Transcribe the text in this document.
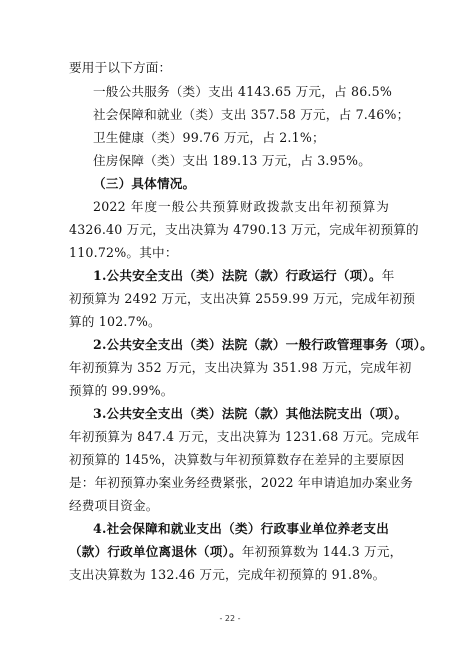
要用于以下方面：
一般公共服务（类）支出 4143.65 万元，占 86.5%
社会保障和就业（类）支出 357.58 万元，占 7.46%；
卫生健康（类）99.76 万元，占 2.1%；
住房保障（类）支出 189.13 万元，占 3.95%。
（三）具体情况。
2022 年度一般公共预算财政拨款支出年初预算为
4326.40 万元，支出决算为 4790.13 万元，完成年初预算的
110.72%。其中：
1.公共安全支出（类）法院（款）行政运行（项）。年
初预算为 2492 万元，支出决算 2559.99 万元，完成年初预
算的 102.7%。
2.公共安全支出（类）法院（款）一般行政管理事务（项）。
年初预算为 352 万元，支出决算为 351.98 万元，完成年初
预算的 99.99%。
3.公共安全支出（类）法院（款）其他法院支出（项）。
年初预算为 847.4 万元，支出决算为 1231.68 万元。完成年
初预算的 145%，决算数与年初预算数存在差异的主要原因
是：年初预算办案业务经费紧张，2022 年申请追加办案业务
经费项目资金。
4.社会保障和就业支出（类）行政事业单位养老支出
（款）行政单位离退休（项）。年初预算数为 144.3 万元，
支出决算数为 132.46 万元，完成年初预算的 91.8%。
- 22 -
